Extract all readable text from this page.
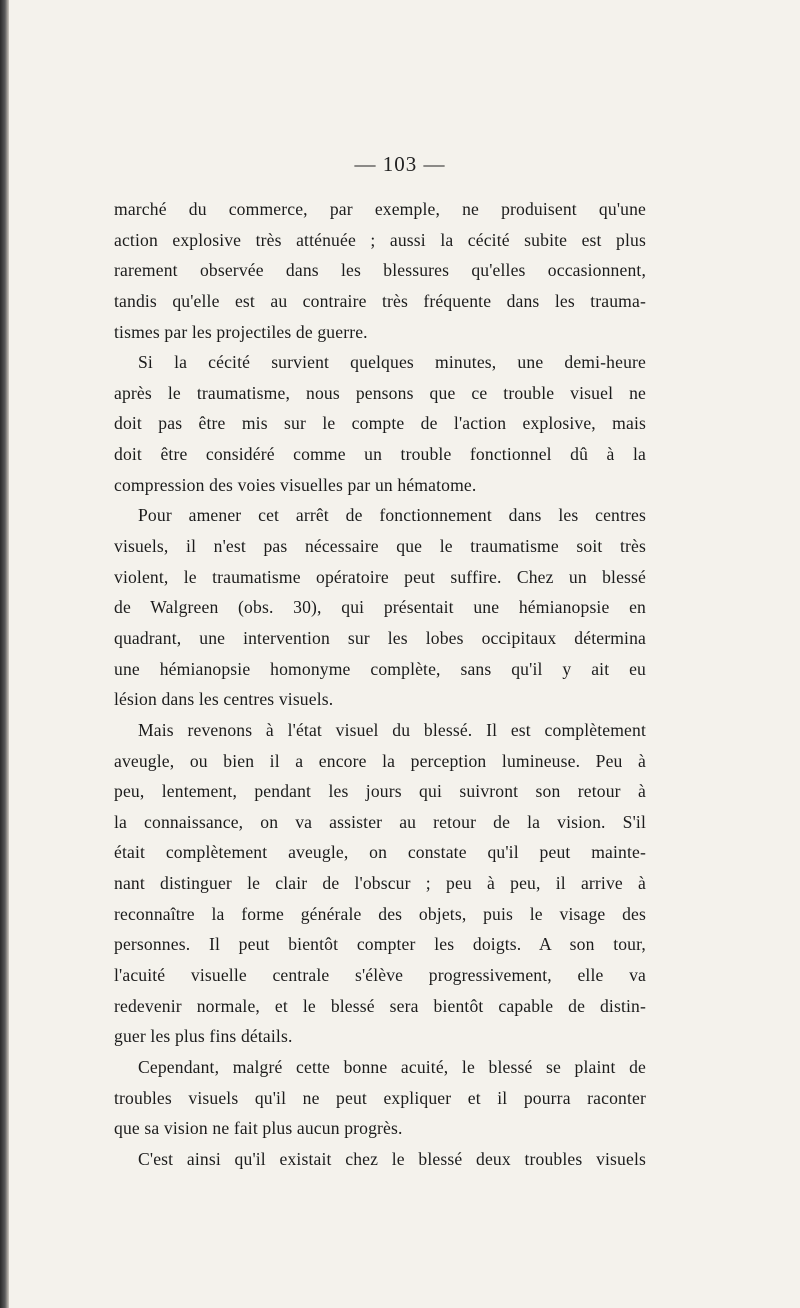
— 103 —
marché du commerce, par exemple, ne produisent qu'une
action explosive très atténuée ; aussi la cécité subite est plus
rarement observée dans les blessures qu'elles occasionnent,
tandis qu'elle est au contraire très fréquente dans les trauma-
tismes par les projectiles de guerre.
Si la cécité survient quelques minutes, une demi-heure
après le traumatisme, nous pensons que ce trouble visuel ne
doit pas être mis sur le compte de l'action explosive, mais
doit être considéré comme un trouble fonctionnel dû à la
compression des voies visuelles par un hématome.
Pour amener cet arrêt de fonctionnement dans les centres
visuels, il n'est pas nécessaire que le traumatisme soit très
violent, le traumatisme opératoire peut suffire. Chez un blessé
de Walgreen (obs. 30), qui présentait une hémianopsie en
quadrant, une intervention sur les lobes occipitaux détermina
une hémianopsie homonyme complète, sans qu'il y ait eu
lésion dans les centres visuels.
Mais revenons à l'état visuel du blessé. Il est complètement
aveugle, ou bien il a encore la perception lumineuse. Peu à
peu, lentement, pendant les jours qui suivront son retour à
la connaissance, on va assister au retour de la vision. S'il
était complètement aveugle, on constate qu'il peut mainte-
nant distinguer le clair de l'obscur ; peu à peu, il arrive à
reconnaître la forme générale des objets, puis le visage des
personnes. Il peut bientôt compter les doigts. A son tour,
l'acuité visuelle centrale s'élève progressivement, elle va
redevenir normale, et le blessé sera bientôt capable de distin-
guer les plus fins détails.
Cependant, malgré cette bonne acuité, le blessé se plaint de
troubles visuels qu'il ne peut expliquer et il pourra raconter
que sa vision ne fait plus aucun progrès.
C'est ainsi qu'il existait chez le blessé deux troubles visuels
